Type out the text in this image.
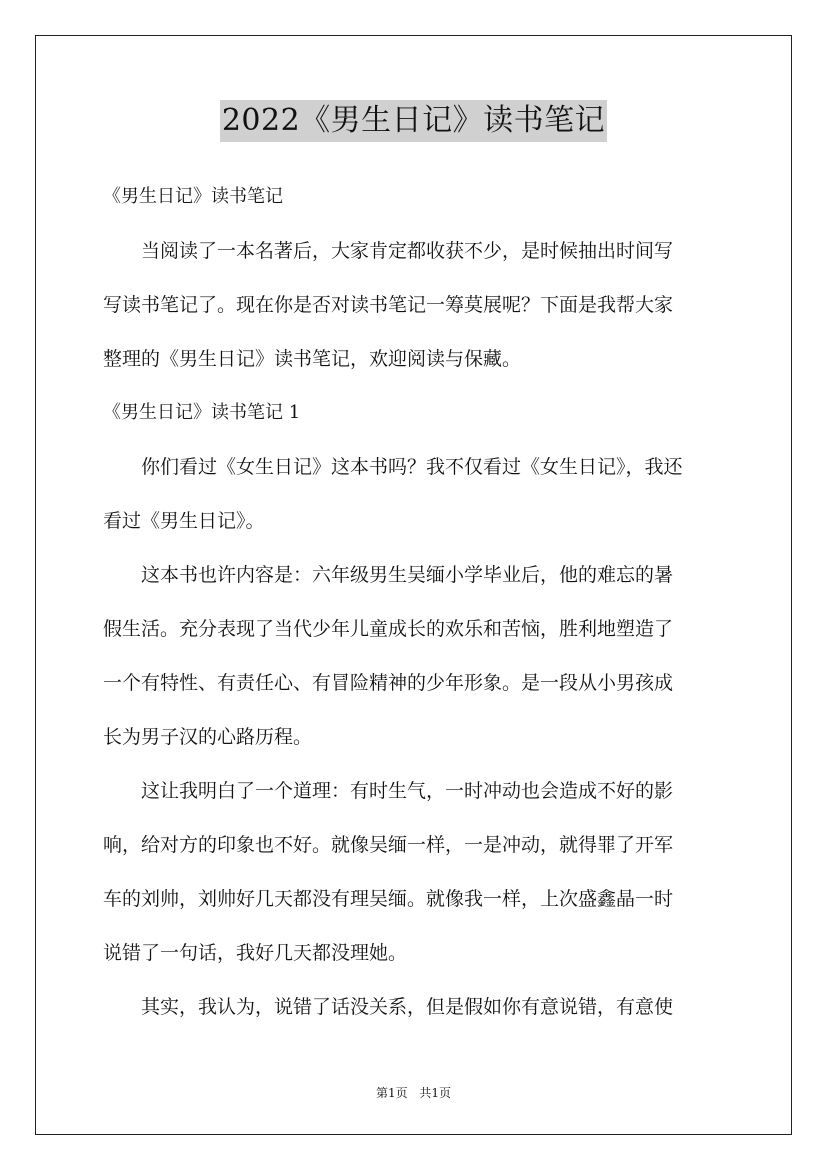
2022《男生日记》读书笔记
《男生日记》读书笔记
当阅读了一本名著后，大家肯定都收获不少，是时候抽出时间写
写读书笔记了。现在你是否对读书笔记一筹莫展呢？下面是我帮大家
整理的《男生日记》读书笔记，欢迎阅读与保藏。
《男生日记》读书笔记 1
你们看过《女生日记》这本书吗？我不仅看过《女生日记》，我还
看过《男生日记》。
这本书也许内容是：六年级男生吴缅小学毕业后，他的难忘的暑
假生活。充分表现了当代少年儿童成长的欢乐和苦恼，胜利地塑造了
一个有特性、有责任心、有冒险精神的少年形象。是一段从小男孩成
长为男子汉的心路历程。
这让我明白了一个道理：有时生气，一时冲动也会造成不好的影
响，给对方的印象也不好。就像吴缅一样，一是冲动，就得罪了开军
车的刘帅，刘帅好几天都没有理吴缅。就像我一样，上次盛鑫晶一时
说错了一句话，我好几天都没理她。
其实，我认为，说错了话没关系，但是假如你有意说错，有意使
第1页 共1页
